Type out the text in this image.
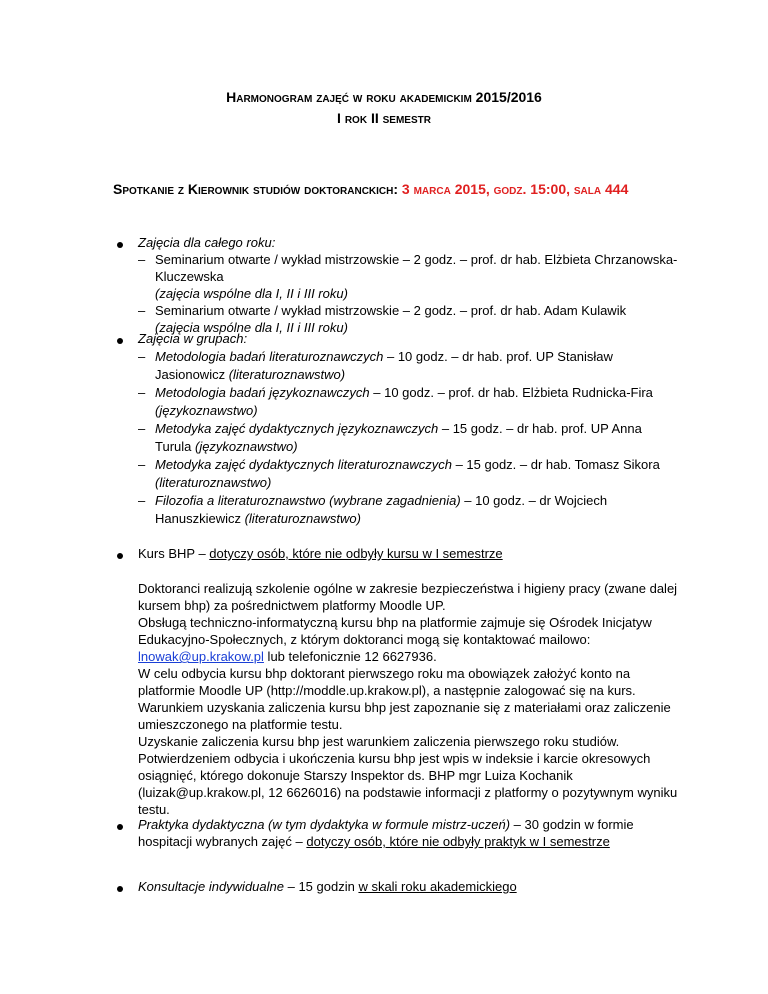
Harmonogram zajęć w roku akademickim 2015/2016
I rok II semestr
Spotkanie z Kierownik studiów doktoranckich: 3 marca 2015, godz. 15:00, sala 444

Zajęcia dla całego roku:

– Seminarium otwarte / wykład mistrzowskie – 2 godz. – prof. dr hab. Elżbieta Chrzanowska-Kluczewska

(zajęcia wspólne dla I, II i III roku)

– Seminarium otwarte / wykład mistrzowskie – 2 godz. – prof. dr hab. Adam Kulawik

(zajęcia wspólne dla I, II i III roku)

Zajęcia w grupach:

– Metodologia badań literaturoznawczych – 10 godz. – dr hab. prof. UP Stanisław Jasionowicz (literaturoznawstwo)

– Metodologia badań językoznawczych – 10 godz. – prof. dr hab. Elżbieta Rudnicka-Fira (językoznawstwo)

– Metodyka zajęć dydaktycznych językoznawczych – 15 godz. – dr hab. prof. UP Anna Turula (językoznawstwo)

– Metodyka zajęć dydaktycznych literaturoznawczych – 15 godz. – dr hab. Tomasz Sikora (literaturoznawstwo)

– Filozofia a literaturoznawstwo (wybrane zagadnienia) – 10 godz. – dr Wojciech Hanuszkiewicz (literaturoznawstwo)

Kurs BHP – dotyczy osób, które nie odbyły kursu w I semestrze

Doktoranci realizują szkolenie ogólne w zakresie bezpieczeństwa i higieny pracy (zwane dalej kursem bhp) za pośrednictwem platformy Moodle UP.

Obsługą techniczno-informatyczną kursu bhp na platformie zajmuje się Ośrodek Inicjatyw Edukacyjno-Społecznych, z którym doktoranci mogą się kontaktować mailowo:
lnowak@up.krakow.pl lub telefonicznie 12 6627936.

W celu odbycia kursu bhp doktorant pierwszego roku ma obowiązek założyć konto na platformie Moodle UP (http://moddle.up.krakow.pl), a następnie zalogować się na kurs.

Warunkiem uzyskania zaliczenia kursu bhp jest zapoznanie się z materiałami oraz zaliczenie umieszczonego na platformie testu.

Uzyskanie zaliczenia kursu bhp jest warunkiem zaliczenia pierwszego roku studiów.

Potwierdzeniem odbycia i ukończenia kursu bhp jest wpis w indeksie i karcie okresowych osiągnięć, którego dokonuje Starszy Inspektor ds. BHP mgr Luiza Kochanik (luizak@up.krakow.pl, 12 6626016) na podstawie informacji z platformy o pozytywnym wyniku testu.

Praktyka dydaktyczna (w tym dydaktyka w formule mistrz-uczeń) – 30 godzin w formie hospitacji wybranych zajęć – dotyczy osób, które nie odbyły praktyk w I semestrze

Konsultacje indywidualne – 15 godzin w skali roku akademickiego
